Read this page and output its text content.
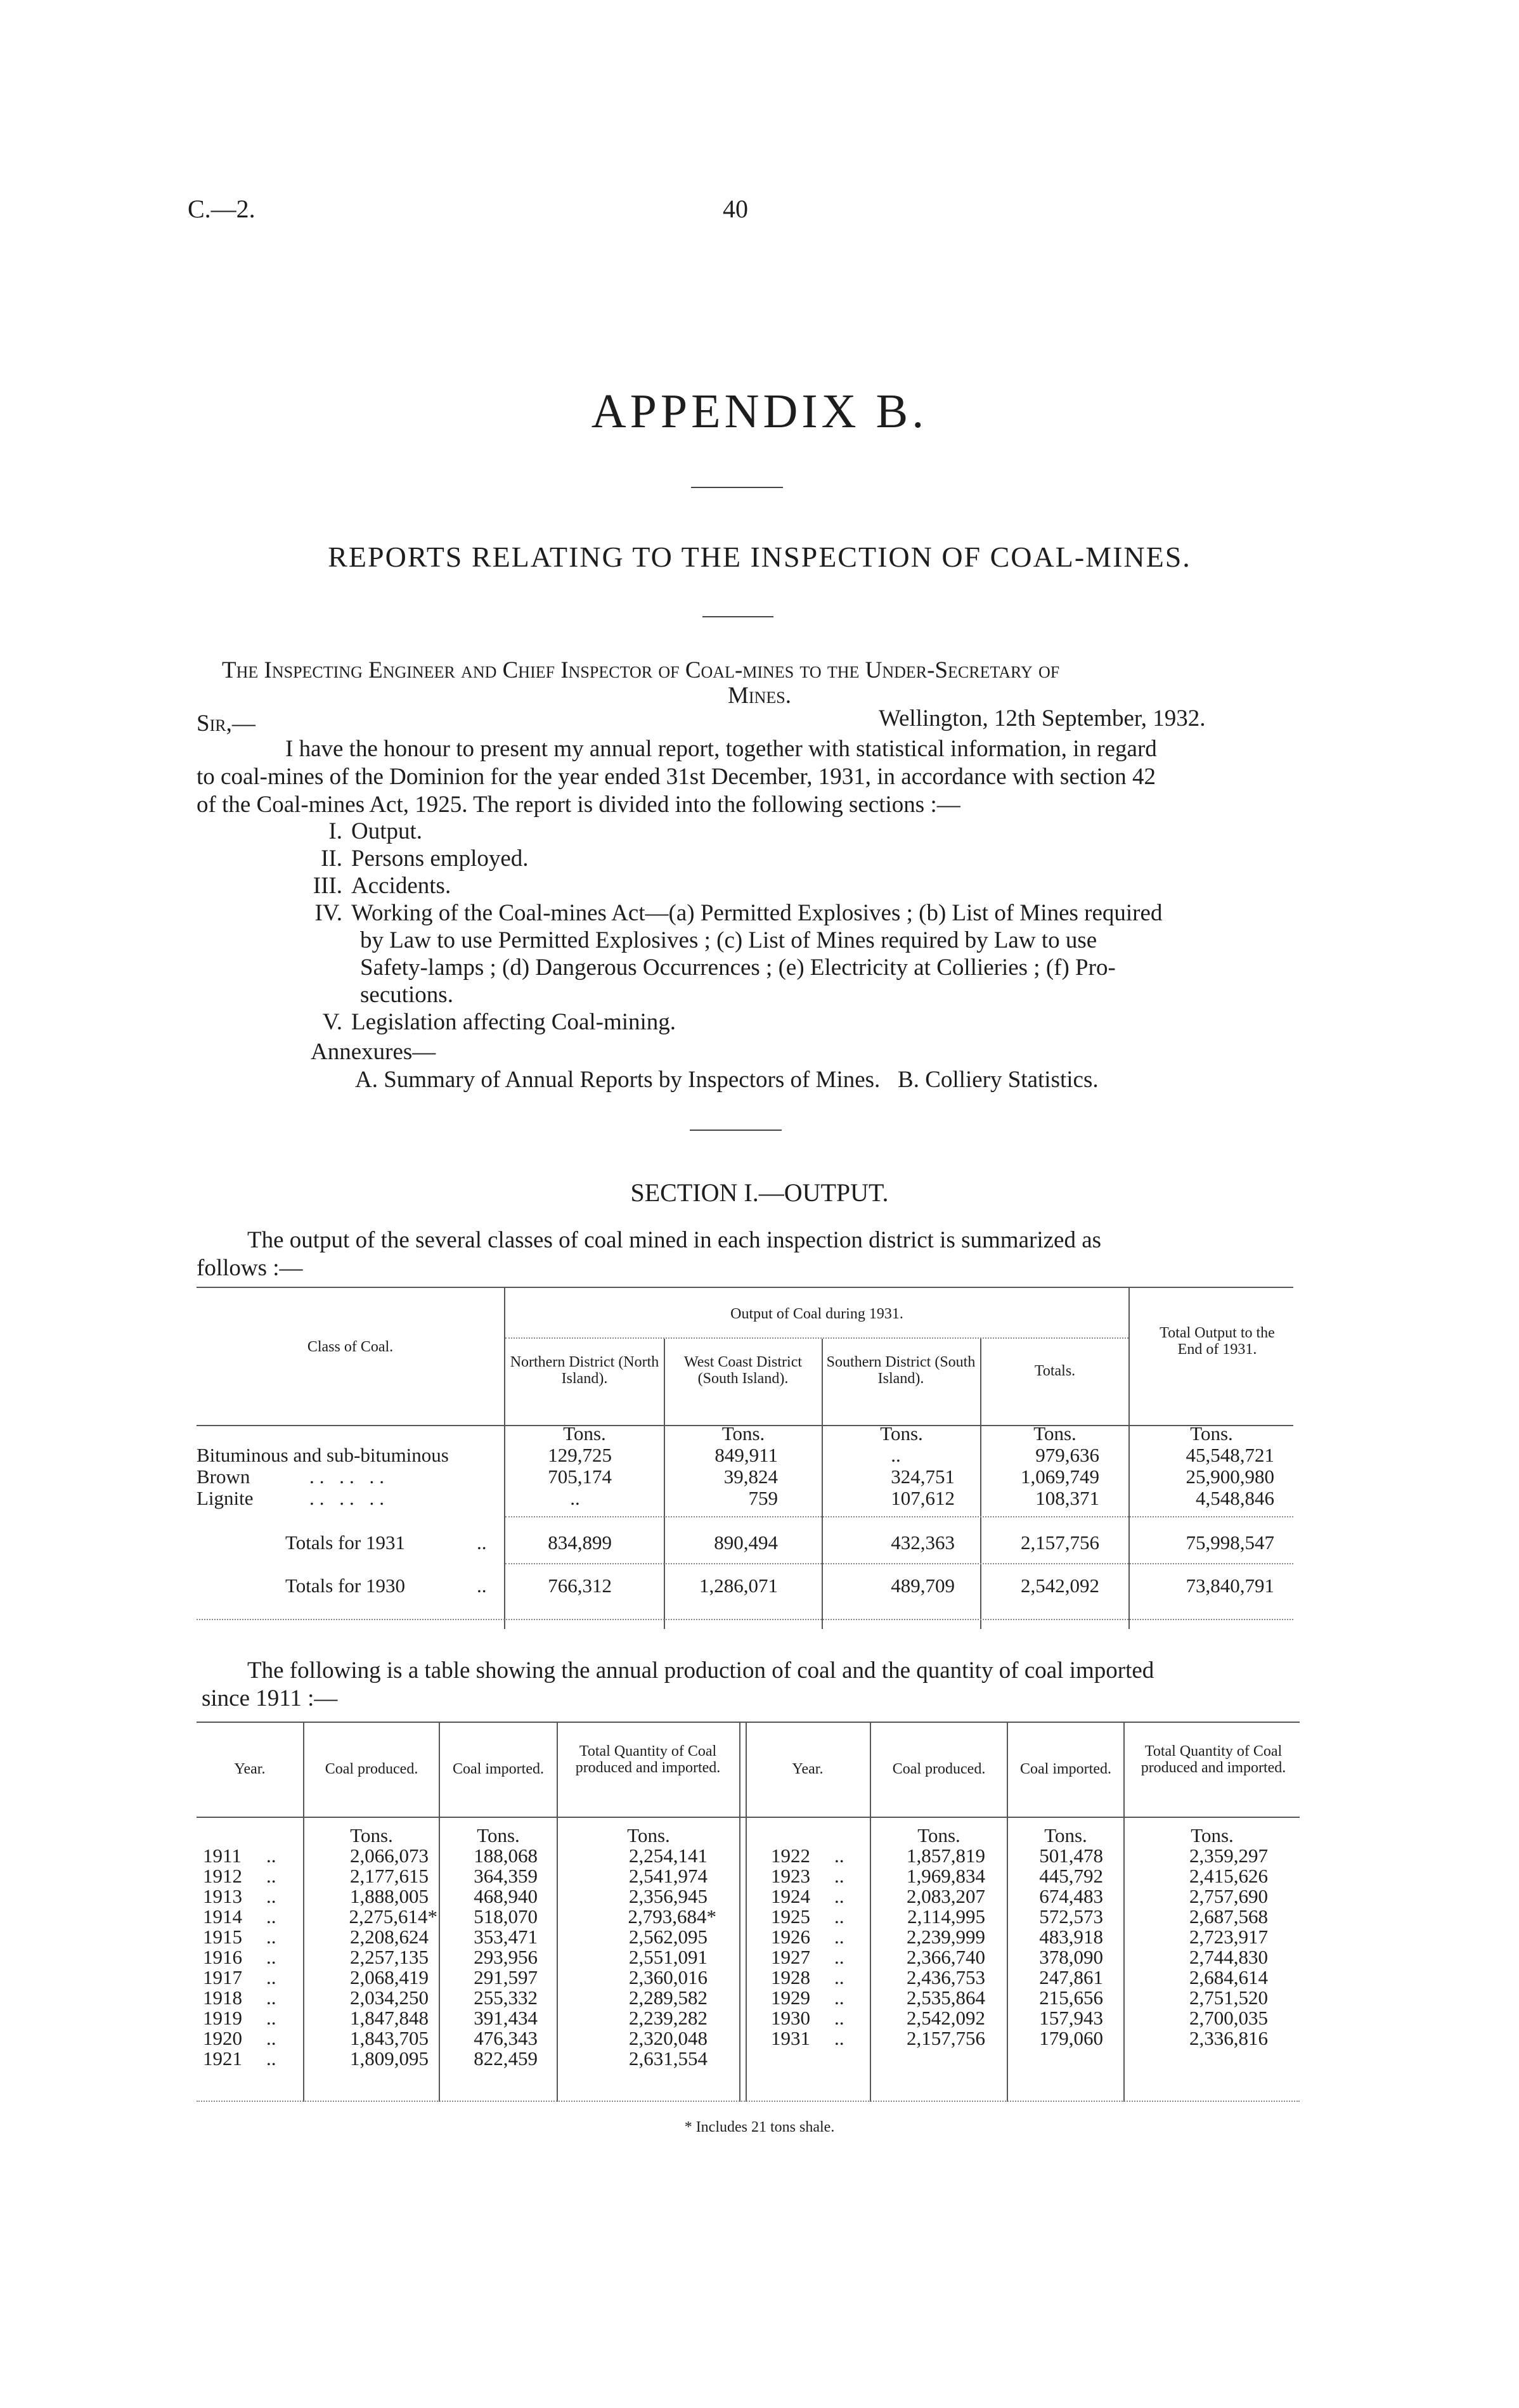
C.—2.	40
APPENDIX B.
REPORTS RELATING TO THE INSPECTION OF COAL-MINES.
The Inspecting Engineer and Chief Inspector of Coal-mines to the Under-Secretary of
Mines.
Sir,—	Wellington, 12th September, 1932.
I have the honour to present my annual report, together with statistical information, in regard
to coal-mines of the Dominion for the year ended 31st December, 1931, in accordance with section 42
of the Coal-mines Act, 1925. The report is divided into the following sections :—
I. Output.
II. Persons employed.
III. Accidents.
IV. Working of the Coal-mines Act—(a) Permitted Explosives ; (b) List of Mines required
by Law to use Permitted Explosives ; (c) List of Mines required by Law to use
Safety-lamps ; (d) Dangerous Occurrences ; (e) Electricity at Collieries ; (f) Pro-
secutions.
V. Legislation affecting Coal-mining.
Annexures—
A. Summary of Annual Reports by Inspectors of Mines.   B. Colliery Statistics.
SECTION I.—OUTPUT.
The output of the several classes of coal mined in each inspection district is summarized as
follows :—
Class of Coal.
Output of Coal during 1931.
Northern District (North Island).
West Coast District (South Island).
Southern District (South Island).	Totals.
Total Output to the End of 1931.
Tons.	Tons.	Tons.	Tons.	Tons.
Bituminous and sub-bituminous	129,725	849,911	..	979,636	45,548,721
Brown	.. .. ..	705,174	39,824	324,751	1,069,749	25,900,980
Lignite	.. .. ..	..	759	107,612	108,371	4,548,846
Totals for 1931	..	834,899	890,494	432,363	2,157,756	75,998,547
Totals for 1930	..	766,312	1,286,071	489,709	2,542,092	73,840,791
The following is a table showing the annual production of coal and the quantity of coal imported
since 1911 :—
Year.	Coal produced.	Coal imported.
Total Quantity of Coal produced and imported.	Year.	Coal produced.	Coal imported.
Total Quantity of Coal produced and imported.
Tons.	Tons.	Tons.	Tons.	Tons.	Tons.
1911 ..	2,066,073	188,068	2,254,141
1912 ..	2,177,615	364,359	2,541,974
1913 ..	1,888,005	468,940	2,356,945
1914 ..	2,275,614*	518,070	2,793,684*
1915 ..	2,208,624	353,471	2,562,095
1916 ..	2,257,135	293,956	2,551,091
1917 ..	2,068,419	291,597	2,360,016
1918 ..	2,034,250	255,332	2,289,582
1919 ..	1,847,848	391,434	2,239,282
1920 ..	1,843,705	476,343	2,320,048
1921 ..	1,809,095	822,459	2,631,554
1922 ..	1,857,819	501,478	2,359,297
1923 ..	1,969,834	445,792	2,415,626
1924 ..	2,083,207	674,483	2,757,690
1925 ..	2,114,995	572,573	2,687,568
1926 ..	2,239,999	483,918	2,723,917
1927 ..	2,366,740	378,090	2,744,830
1928 ..	2,436,753	247,861	2,684,614
1929 ..	2,535,864	215,656	2,751,520
1930 ..	2,542,092	157,943	2,700,035
1931 ..	2,157,756	179,060	2,336,816
* Includes 21 tons shale.
